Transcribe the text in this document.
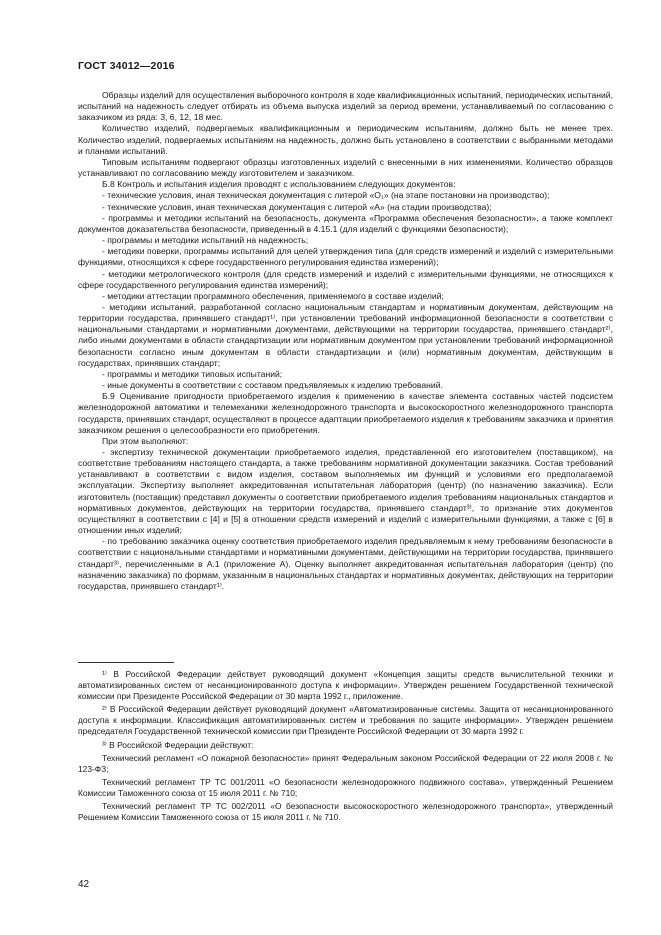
ГОСТ 34012—2016

Образцы изделий для осуществления выборочного контроля в ходе квалификационных испытаний, периодических испытаний, испытаний на надежность следует отбирать из объема выпуска изделий за период времени, устанавливаемый по согласованию с заказчиком из ряда: 3, 6, 12, 18 мес.

Количество изделий, подвергаемых квалификационным и периодическим испытаниям, должно быть не менее трех. Количество изделий, подвергаемых испытаниям на надежность, должно быть установлено в соответствии с выбранными методами и планами испытаний.

Типовым испытаниям подвергают образцы изготовленных изделий с внесенными в них изменениями. Количество образцов устанавливают по согласованию между изготовителем и заказчиком.

Б.8 Контроль и испытания изделия проводят с использованием следующих документов:

- технические условия, иная техническая документация с литерой «О₁» (на этапе постановки на производство);

- технические условия, иная техническая документация с литерой «А» (на стадии производства);

- программы и методики испытаний на безопасность, документа «Программа обеспечения безопасности», а также комплект документов доказательства безопасности, приведенный в 4.15.1 (для изделий с функциями безопасности);

- программы и методики испытаний на надежность;

- методики поверки, программы испытаний для целей утверждения типа (для средств измерений и изделий с измерительными функциями, относящихся к сфере государственного регулирования единства измерений);

- методики метрологического контроля (для средств измерений и изделий с измерительными функциями, не относящихся к сфере государственного регулирования единства измерений);

- методики аттестации программного обеспечения, применяемого в составе изделий;

- методики испытаний, разработанной согласно национальным стандартам и нормативным документам, действующим на территории государства, принявшего стандарт¹⁾, при установлении требований информационной безопасности в соответствии с национальными стандартами и нормативными документами, действующими на территории государства, принявшего стандарт²⁾, либо иными документами в области стандартизации или нормативным документом при установлении требований информационной безопасности согласно иным документам в области стандартизации и (или) нормативным документам, действующим в государствах, принявших стандарт;

- программы и методики типовых испытаний;

- иные документы в соответствии с составом предъявляемых к изделию требований.

Б.9 Оценивание пригодности приобретаемого изделия к применению в качестве элемента составных частей подсистем железнодорожной автоматики и телемеханики железнодорожного транспорта и высокоскоростного железнодорожного транспорта государств, принявших стандарт, осуществляют в процессе адаптации приобретаемого изделия к требованиям заказчика и принятия заказчиком решения о целесообразности его приобретения.

При этом выполняют:

- экспертизу технической документации приобретаемого изделия, представленной его изготовителем (поставщиком), на соответствие требованиям настоящего стандарта, а также требованиям нормативной документации заказчика. Состав требований устанавливают в соответствии с видом изделия, составом выполняемых им функций и условиями его предполагаемой эксплуатации. Экспертизу выполняет аккредитованная испытательная лаборатория (центр) (по назначению заказчика). Если изготовитель (поставщик) представил документы о соответствии приобретаемого изделия требованиям национальных стандартов и нормативных документов, действующих на территории государства, принявшего стандарт³⁾, то признание этих документов осуществляют в соответствии с [4] и [5] в отношении средств измерений и изделий с измерительными функциями, а также с [6] в отношении иных изделий;

- по требованию заказчика оценку соответствия приобретаемого изделия предъявляемым к нему требованиям безопасности в соответствии с национальными стандартами и нормативными документами, действующими на территории государства, принявшего стандарт³⁾, перечисленными в А.1 (приложение А). Оценку выполняет аккредитованная испытательная лаборатория (центр) (по назначению заказчика) по формам, указанным в национальных стандартах и нормативных документах, действующих на территории государства, принявшего стандарт¹⁾.

¹⁾ В Российской Федерации действует руководящий документ «Концепция защиты средств вычислительной техники и автоматизированных систем от несанкционированного доступа к информации». Утвержден решением Государственной технической комиссии при Президенте Российской Федерации от 30 марта 1992 г., приложение.

²⁾ В Российской Федерации действует руководящий документ «Автоматизированные системы. Защита от несанкционированного доступа к информации. Классификация автоматизированных систем и требования по защите информации». Утвержден решением председателя Государственной технической комиссии при Президенте Российской Федерации от 30 марта 1992 г.

³⁾ В Российской Федерации действуют:

Технический регламент «О пожарной безопасности» принят Федеральным законом Российской Федерации от 22 июля 2008 г. № 123-ФЗ;

Технический регламент ТР ТС 001/2011 «О безопасности железнодорожного подвижного состава», утвержденный Решением Комиссии Таможенного союза от 15 июля 2011 г. № 710;

Технический регламент ТР ТС 002/2011 «О безопасности высокоскоростного железнодорожного транспорта», утвержденный Решением Комиссии Таможенного союза от 15 июля 2011 г. № 710.

42
